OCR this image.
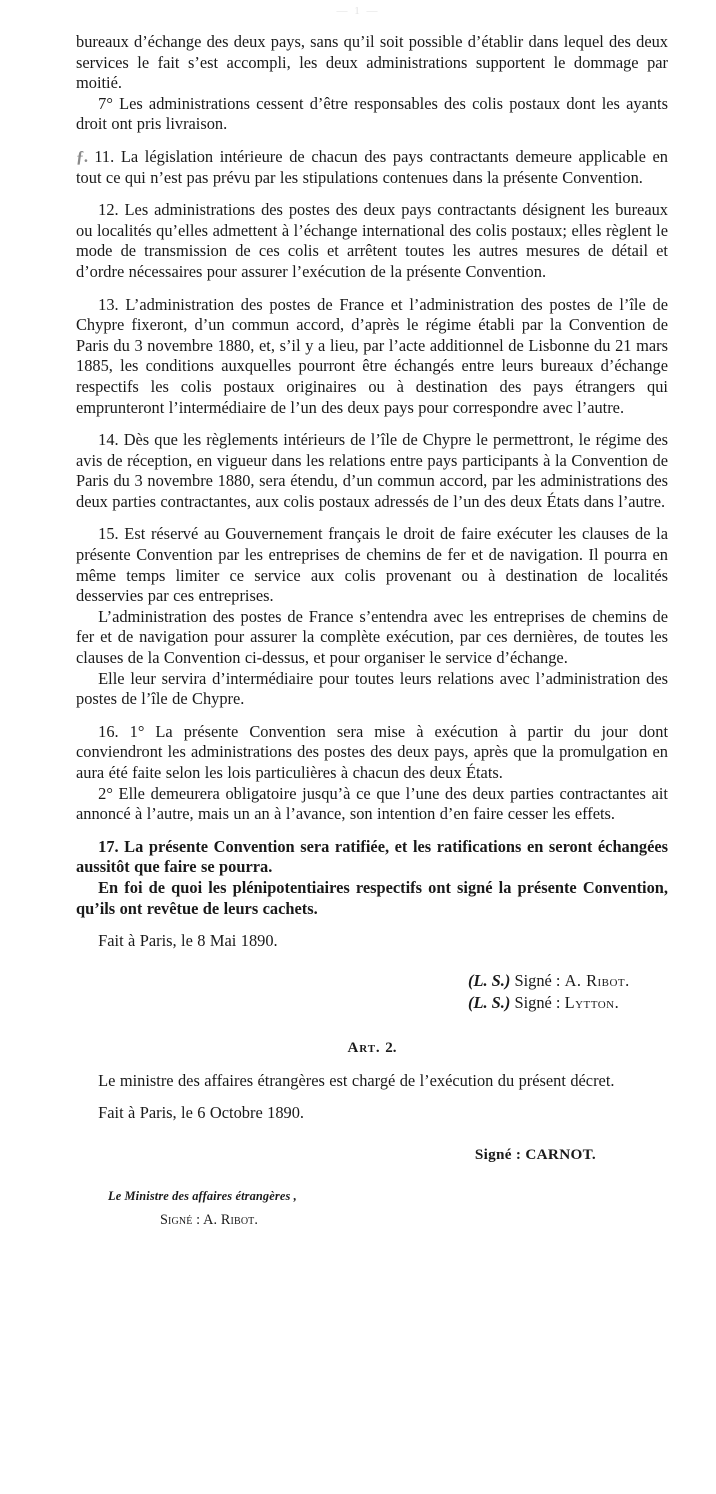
— 1 —

bureaux d’échange des deux pays, sans qu’il soit possible d’établir dans lequel des deux services le fait s’est accompli, les deux administrations supportent le dommage par moitié.

7° Les administrations cessent d’être responsables des colis postaux dont les ayants droit ont pris livraison.

ƒ. 11. La législation intérieure de chacun des pays contractants demeure applicable en tout ce qui n’est pas prévu par les stipulations contenues dans la présente Convention.

12. Les administrations des postes des deux pays contractants désignent les bureaux ou localités qu’elles admettent à l’échange international des colis postaux; elles règlent le mode de transmission de ces colis et arrêtent toutes les autres mesures de détail et d’ordre nécessaires pour assurer l’exécution de la présente Convention.

13. L’administration des postes de France et l’administration des postes de l’île de Chypre fixeront, d’un commun accord, d’après le régime établi par la Convention de Paris du 3 novembre 1880, et, s’il y a lieu, par l’acte additionnel de Lisbonne du 21 mars 1885, les conditions auxquelles pourront être échangés entre leurs bureaux d’échange respectifs les colis postaux originaires ou à destination des pays étrangers qui emprunteront l’intermédiaire de l’un des deux pays pour correspondre avec l’autre.

14. Dès que les règlements intérieurs de l’île de Chypre le permettront, le régime des avis de réception, en vigueur dans les relations entre pays participants à la Convention de Paris du 3 novembre 1880, sera étendu, d’un commun accord, par les administrations des deux parties contractantes, aux colis postaux adressés de l’un des deux États dans l’autre.

15. Est réservé au Gouvernement français le droit de faire exécuter les clauses de la présente Convention par les entreprises de chemins de fer et de navigation. Il pourra en même temps limiter ce service aux colis provenant ou à destination de localités desservies par ces entreprises.

L’administration des postes de France s’entendra avec les entreprises de chemins de fer et de navigation pour assurer la complète exécution, par ces dernières, de toutes les clauses de la Convention ci-dessus, et pour organiser le service d’échange.

Elle leur servira d’intermédiaire pour toutes leurs relations avec l’administration des postes de l’île de Chypre.

16. 1° La présente Convention sera mise à exécution à partir du jour dont conviendront les administrations des postes des deux pays, après que la promulgation en aura été faite selon les lois particulières à chacun des deux États.

2° Elle demeurera obligatoire jusqu’à ce que l’une des deux parties contractantes ait annoncé à l’autre, mais un an à l’avance, son intention d’en faire cesser les effets.

17. La présente Convention sera ratifiée, et les ratifications en seront échangées aussitôt que faire se pourra.

En foi de quoi les plénipotentiaires respectifs ont signé la présente Convention, qu’ils ont revêtue de leurs cachets.

Fait à Paris, le 8 Mai 1890.

(L. S.) Signé : A. Ribot.
(L. S.) Signé : Lytton.
Art. 2.

Le ministre des affaires étrangères est chargé de l’exécution du présent décret.

Fait à Paris, le 6 Octobre 1890.

Signé : CARNOT.
Le Ministre des affaires étrangères ,
Signé : A. Ribot.
